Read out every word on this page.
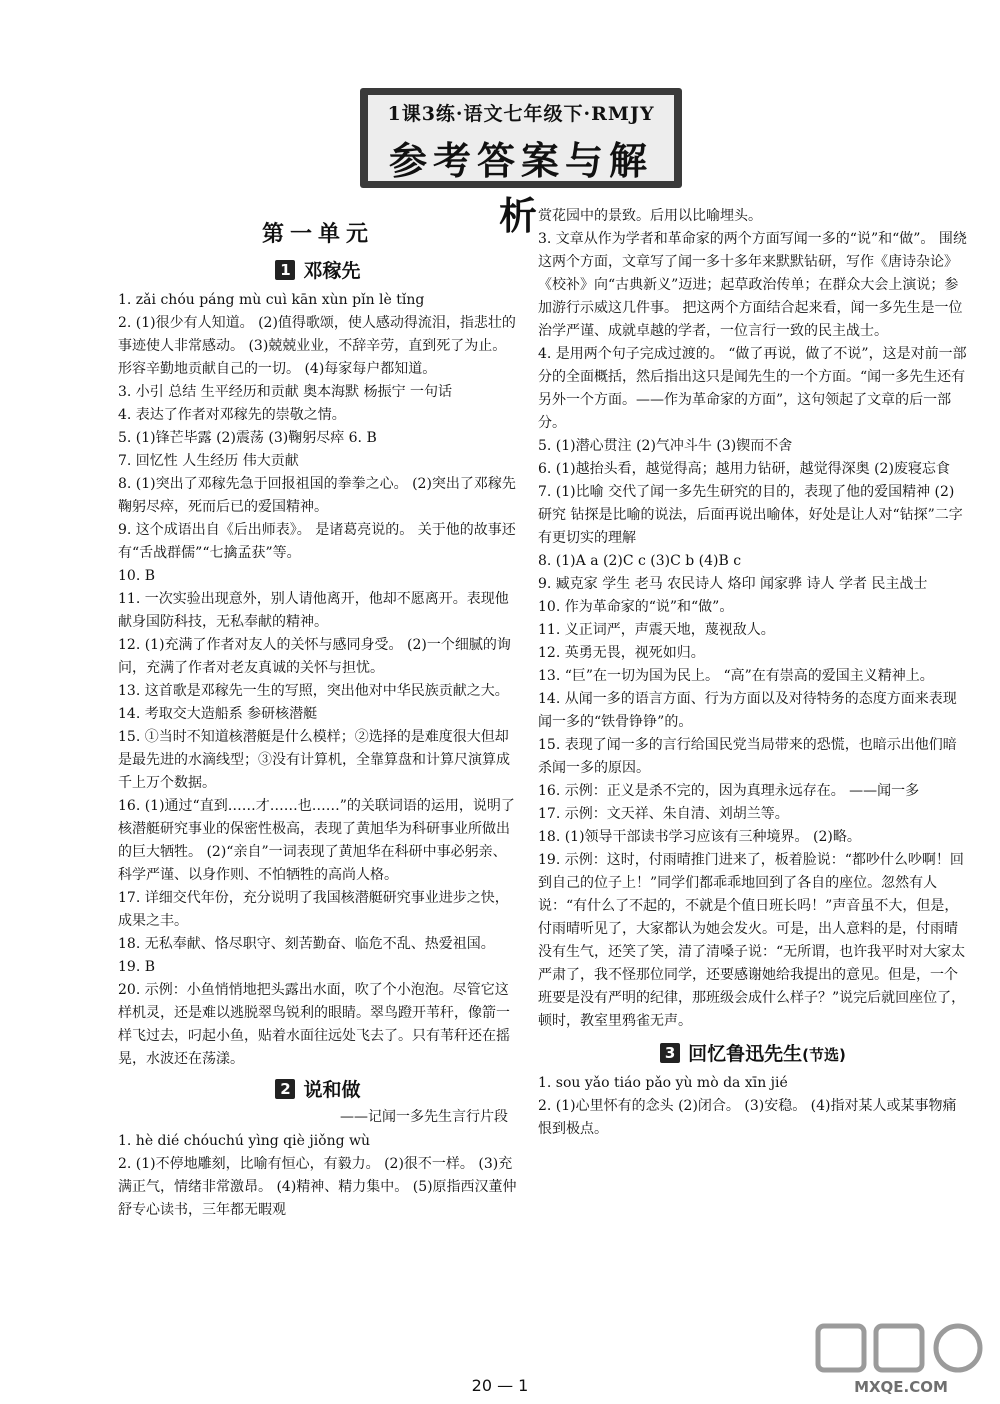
1课3练·语文七年级下·RMJY
参考答案与解析
第一单元
1 邓稼先

1. zǎi chóu páng mù cuì kān xùn pǐn lè tǐng

2. (1)很少有人知道。 (2)值得歌颂，使人感动得流泪，指悲壮的事迹使人非常感动。 (3)兢兢业业，不辞辛劳，直到死了为止。形容辛勤地贡献自己的一切。 (4)每家每户都知道。

3. 小引 总结 生平经历和贡献 奥本海默 杨振宁 一句话

4. 表达了作者对邓稼先的崇敬之情。

5. (1)锋芒毕露 (2)震荡 (3)鞠躬尽瘁 6. B

7. 回忆性 人生经历 伟大贡献

8. (1)突出了邓稼先急于回报祖国的拳拳之心。 (2)突出了邓稼先鞠躬尽瘁，死而后已的爱国精神。

9. 这个成语出自《后出师表》。 是诸葛亮说的。 关于他的故事还有“舌战群儒”“七擒孟获”等。

10. B

11. 一次实验出现意外，别人请他离开，他却不愿离开。表现他献身国防科技，无私奉献的精神。

12. (1)充满了作者对友人的关怀与感同身受。 (2)一个细腻的询问，充满了作者对老友真诚的关怀与担忧。

13. 这首歌是邓稼先一生的写照，突出他对中华民族贡献之大。

14. 考取交大造船系 参研核潜艇

15. ①当时不知道核潜艇是什么模样；②选择的是难度很大但却是最先进的水滴线型；③没有计算机，全靠算盘和计算尺演算成千上万个数据。

16. (1)通过“直到……才……也……”的关联词语的运用，说明了核潜艇研究事业的保密性极高，表现了黄旭华为科研事业所做出的巨大牺牲。 (2)“亲自”一词表现了黄旭华在科研中事必躬亲、科学严谨、以身作则、不怕牺牲的高尚人格。

17. 详细交代年份，充分说明了我国核潜艇研究事业进步之快，成果之丰。

18. 无私奉献、恪尽职守、刻苦勤奋、临危不乱、热爱祖国。

19. B

20. 示例：小鱼悄悄地把头露出水面，吹了个小泡泡。尽管它这样机灵，还是难以逃脱翠鸟锐利的眼睛。翠鸟蹬开苇秆，像箭一样飞过去，叼起小鱼，贴着水面往远处飞去了。只有苇秆还在摇晃，水波还在荡漾。

2 说和做
——记闻一多先生言行片段

1. hè dié chóuchú yìng qiè jiǒng wù

2. (1)不停地雕刻，比喻有恒心，有毅力。 (2)很不一样。 (3)充满正气，情绪非常激昂。 (4)精神、精力集中。 (5)原指西汉董仲舒专心读书，三年都无暇观

赏花园中的景致。后用以比喻埋头。

3. 文章从作为学者和革命家的两个方面写闻一多的“说”和“做”。 围绕这两个方面，文章写了闻一多十多年来默默钻研，写作《唐诗杂论》《校补》向“古典新义”迈进；起草政治传单；在群众大会上演说；参加游行示威这几件事。 把这两个方面结合起来看，闻一多先生是一位治学严谨、成就卓越的学者，一位言行一致的民主战士。

4. 是用两个句子完成过渡的。 “做了再说，做了不说”，这是对前一部分的全面概括，然后指出这只是闻先生的一个方面。“闻一多先生还有另外一个方面。——作为革命家的方面”，这句领起了文章的后一部分。

5. (1)潜心贯注 (2)气冲斗牛 (3)锲而不舍

6. (1)越抬头看，越觉得高；越用力钻研，越觉得深奥 (2)废寝忘食

7. (1)比喻 交代了闻一多先生研究的目的，表现了他的爱国精神 (2)研究 钻探是比喻的说法，后面再说出喻体，好处是让人对“钻探”二字有更切实的理解

8. (1)A a (2)C c (3)C b (4)B c

9. 臧克家 学生 老马 农民诗人 烙印 闻家骅 诗人 学者 民主战士

10. 作为革命家的“说”和“做”。

11. 义正词严，声震天地，蔑视敌人。

12. 英勇无畏，视死如归。

13. “巨”在一切为国为民上。 “高”在有崇高的爱国主义精神上。

14. 从闻一多的语言方面、行为方面以及对待特务的态度方面来表现闻一多的“铁骨铮铮”的。

15. 表现了闻一多的言行给国民党当局带来的恐慌，也暗示出他们暗杀闻一多的原因。

16. 示例：正义是杀不完的，因为真理永远存在。 ——闻一多

17. 示例：文天祥、朱自清、刘胡兰等。

18. (1)领导干部读书学习应该有三种境界。 (2)略。

19. 示例：这时，付雨晴推门进来了，板着脸说：“都吵什么吵啊！回到自己的位子上！”同学们都乖乖地回到了各自的座位。忽然有人说：“有什么了不起的，不就是个值日班长吗！”声音虽不大，但是，付雨晴听见了，大家都认为她会发火。可是，出人意料的是，付雨晴没有生气，还笑了笑，清了清嗓子说：“无所谓，也许我平时对大家太严肃了，我不怪那位同学，还要感谢她给我提出的意见。但是，一个班要是没有严明的纪律，那班级会成什么样子？”说完后就回座位了，顿时，教室里鸦雀无声。

3 回忆鲁迅先生(节选)

1. sou yǎo tiáo pǎo yù mò da xīn jié

2. (1)心里怀有的念头 (2)闭合。 (3)安稳。 (4)指对某人或某事物痛恨到极点。

20 — 1	MXQE.COM
